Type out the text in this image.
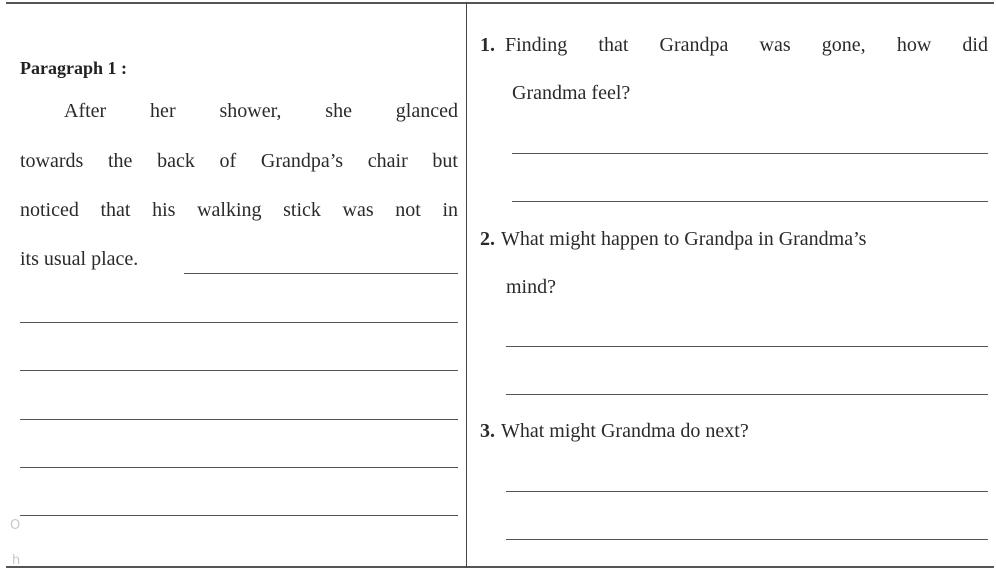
Paragraph 1 :
After her shower, she glanced
towards the back of Grandpa’s chair but
noticed that his walking stick was not in
its usual place.
O
h
1. Finding that Grandpa was gone, how did
Grandma feel?
2. What might happen to Grandpa in Grandma’s
mind?
3. What might Grandma do next?
